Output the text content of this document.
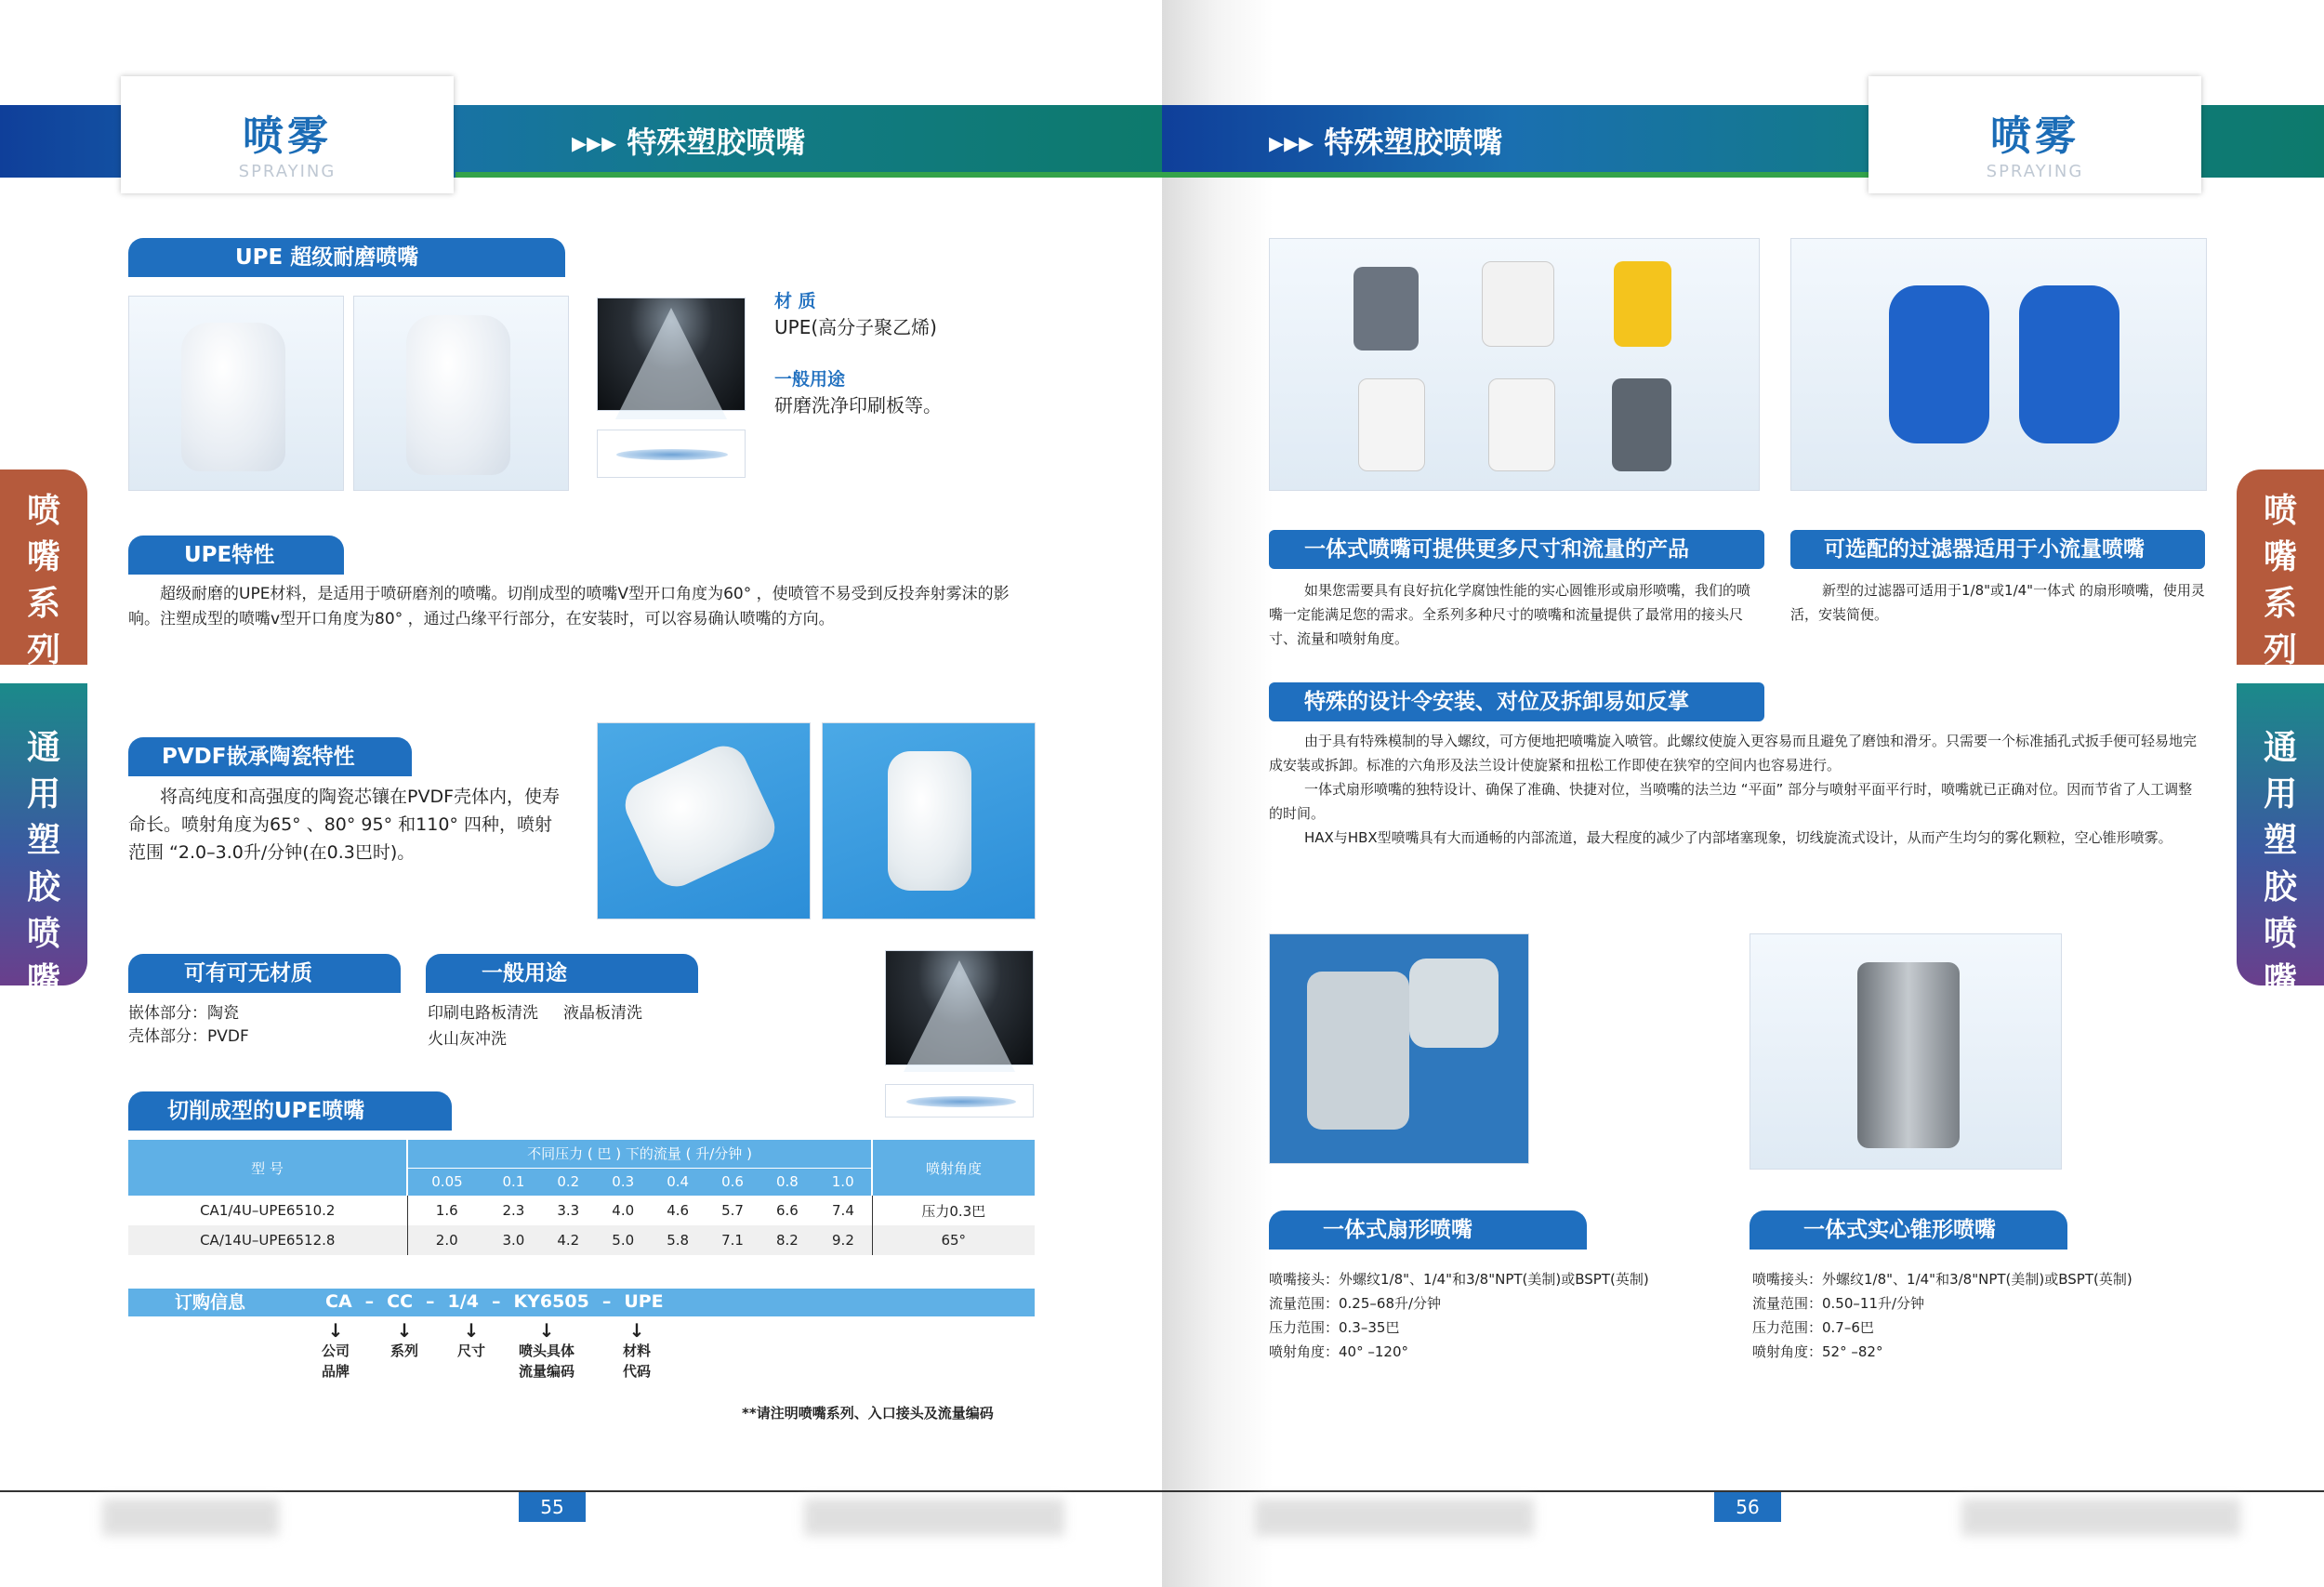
喷雾
SPRAYING
▸▸▸ 特殊塑胶喷嘴
喷
嘴
系
列
通
用
塑
胶
喷
嘴
UPE 超级耐磨喷嘴
材 质
UPE(高分子聚乙烯)
一般用途
研磨洗净印刷板等。
UPE特性
超级耐磨的UPE材料，是适用于喷研磨剂的喷嘴。切削成型的喷嘴V型开口角度为60° ，使喷管不易受到反投奔射雾沫的影响。注塑成型的喷嘴v型开口角度为80° ，通过凸缘平行部分，在安装时，可以容易确认喷嘴的方向。
PVDF嵌承陶瓷特性
将高纯度和高强度的陶瓷芯镶在PVDF壳体内，使寿命长。喷射角度为65° 、80° 95° 和110° 四种，喷射范围 “2.0–3.0升/分钟(在0.3巴时)。
可有可无材质
嵌体部分：陶瓷
壳体部分：PVDF
一般用途
印刷电路板清洗     液晶板清洗
火山灰冲洗
切削成型的UPE喷嘴
型 号	不同压力 ( 巴 ) 下的流量 ( 升/分钟 )								喷射角度
	0.05	0.1	0.2	0.3	0.4	0.6	0.8	1.0	
CA1/4U–UPE6510.2	1.6	2.3	3.3	4.0	4.6	5.7	6.6	7.4	压力0.3巴
CA/14U–UPE6512.8	2.0	3.0	4.2	5.0	5.8	7.1	8.2	9.2	65°
订购信息	CA – CC – 1/4 – KY6505 – UPE
↓
公司
品牌
↓
系列
↓
尺寸
↓
喷头具体
流量编码
↓
材料
代码
**请注明喷嘴系列、入口接头及流量编码
55
喷雾
SPRAYING
▸▸▸ 特殊塑胶喷嘴
喷
嘴
系
列
通
用
塑
胶
喷
嘴
一体式喷嘴可提供更多尺寸和流量的产品
如果您需要具有良好抗化学腐蚀性能的实心圆锥形或扇形喷嘴，我们的喷嘴一定能满足您的需求。全系列多种尺寸的喷嘴和流量提供了最常用的接头尺寸、流量和喷射角度。
可选配的过滤器适用于小流量喷嘴
新型的过滤器可适用于1/8"或1/4"一体式 的扇形喷嘴，使用灵活，安装简便。
特殊的设计令安装、对位及拆卸易如反掌
由于具有特殊模制的导入螺纹，可方便地把喷嘴旋入喷管。此螺纹使旋入更容易而且避免了磨蚀和滑牙。只需要一个标准插孔式扳手便可轻易地完成安装或拆卸。标准的六角形及法兰设计使旋紧和扭松工作即使在狭窄的空间内也容易进行。
一体式扇形喷嘴的独特设计、确保了准确、快捷对位，当喷嘴的法兰边 “平面” 部分与喷射平面平行时，喷嘴就已正确对位。因而节省了人工调整的时间。
HAX与HBX型喷嘴具有大而通畅的内部流道，最大程度的减少了内部堵塞现象，切线旋流式设计，从而产生均匀的雾化颗粒，空心锥形喷雾。
一体式扇形喷嘴
喷嘴接头：外螺纹1/8"、1/4"和3/8"NPT(美制)或BSPT(英制)
流量范围：0.25–68升/分钟
压力范围：0.3–35巴
喷射角度：40° –120°
一体式实心锥形喷嘴
喷嘴接头：外螺纹1/8"、1/4"和3/8"NPT(美制)或BSPT(英制)
流量范围：0.50–11升/分钟
压力范围：0.7–6巴
喷射角度：52° –82°
56
